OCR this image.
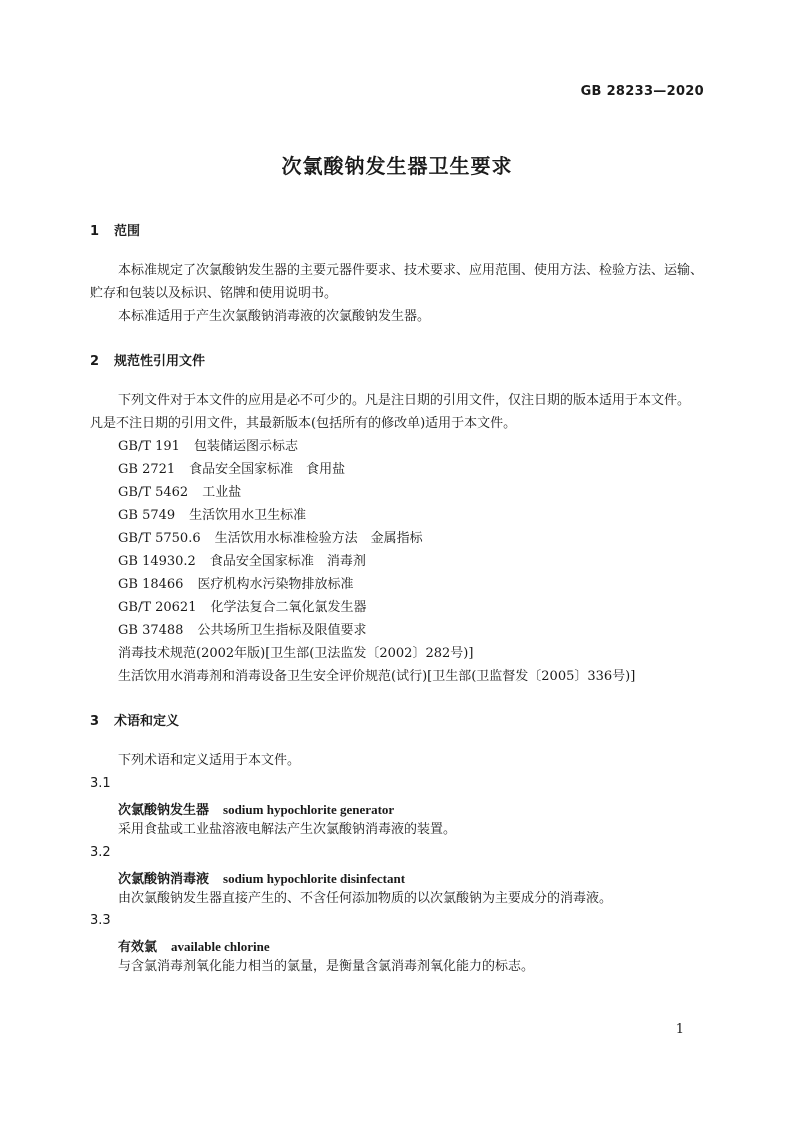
GB 28233—2020
次氯酸钠发生器卫生要求
1 范围
本标准规定了次氯酸钠发生器的主要元器件要求、技术要求、应用范围、使用方法、检验方法、运输、
贮存和包装以及标识、铭牌和使用说明书。
本标准适用于产生次氯酸钠消毒液的次氯酸钠发生器。
2 规范性引用文件
下列文件对于本文件的应用是必不可少的。凡是注日期的引用文件，仅注日期的版本适用于本文件。
凡是不注日期的引用文件，其最新版本(包括所有的修改单)适用于本文件。
GB/T 191 包装储运图示标志
GB 2721 食品安全国家标准　食用盐
GB/T 5462 工业盐
GB 5749 生活饮用水卫生标准
GB/T 5750.6 生活饮用水标准检验方法　金属指标
GB 14930.2 食品安全国家标准　消毒剂
GB 18466 医疗机构水污染物排放标准
GB/T 20621 化学法复合二氧化氯发生器
GB 37488 公共场所卫生指标及限值要求
消毒技术规范(2002年版)[卫生部(卫法监发〔2002〕282号)]
生活饮用水消毒剂和消毒设备卫生安全评价规范(试行)[卫生部(卫监督发〔2005〕336号)]
3 术语和定义
下列术语和定义适用于本文件。
3.1
次氯酸钠发生器 sodium hypochlorite generator
采用食盐或工业盐溶液电解法产生次氯酸钠消毒液的装置。
3.2
次氯酸钠消毒液 sodium hypochlorite disinfectant
由次氯酸钠发生器直接产生的、不含任何添加物质的以次氯酸钠为主要成分的消毒液。
3.3
有效氯 available chlorine
与含氯消毒剂氧化能力相当的氯量，是衡量含氯消毒剂氧化能力的标志。
1
